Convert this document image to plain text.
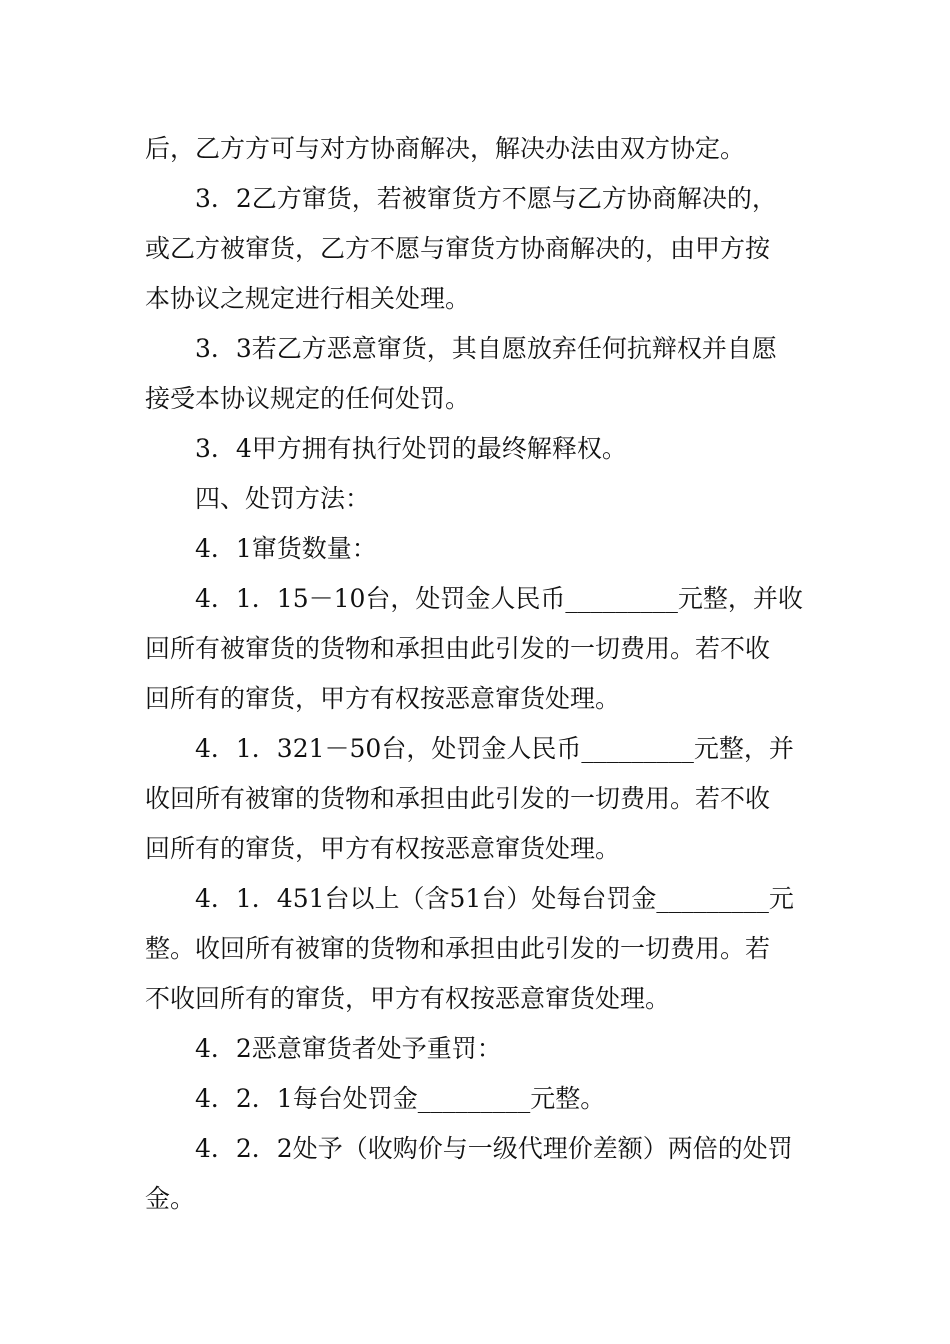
后，乙方方可与对方协商解决，解决办法由双方协定。
3．2乙方窜货，若被窜货方不愿与乙方协商解决的，
或乙方被窜货，乙方不愿与窜货方协商解决的，由甲方按
本协议之规定进行相关处理。
3．3若乙方恶意窜货，其自愿放弃任何抗辩权并自愿
接受本协议规定的任何处罚。
3．4甲方拥有执行处罚的最终解释权。
四、处罚方法：
4．1窜货数量：
4．1．15－10台，处罚金人民币_________元整，并收
回所有被窜货的货物和承担由此引发的一切费用。若不收
回所有的窜货，甲方有权按恶意窜货处理。
4．1．321－50台，处罚金人民币_________元整，并
收回所有被窜的货物和承担由此引发的一切费用。若不收
回所有的窜货，甲方有权按恶意窜货处理。
4．1．451台以上（含51台）处每台罚金_________元
整。收回所有被窜的货物和承担由此引发的一切费用。若
不收回所有的窜货，甲方有权按恶意窜货处理。
4．2恶意窜货者处予重罚：
4．2．1每台处罚金_________元整。
4．2．2处予（收购价与一级代理价差额）两倍的处罚
金。
